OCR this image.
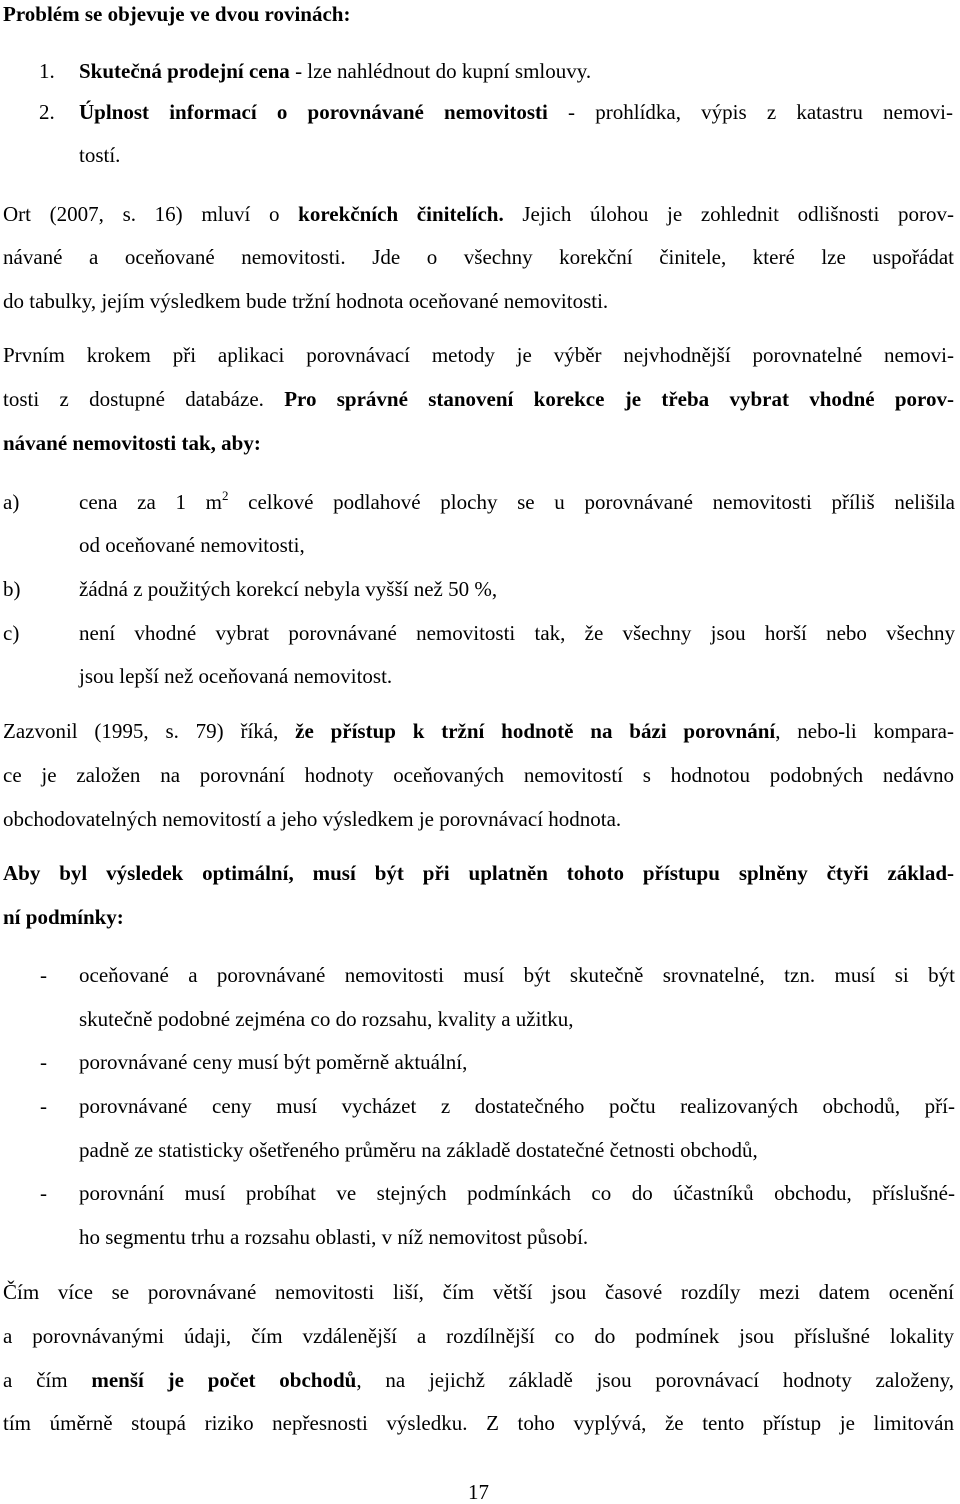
Problém se objevuje ve dvou rovinách:
1. Skutečná prodejní cena - lze nahlédnout do kupní smlouvy.
2. Úplnost informací o porovnávané nemovitosti - prohlídka, výpis z katastru nemovi-
tostí.
Ort (2007, s. 16) mluví o korekčních činitelích. Jejich úlohou je zohlednit odlišnosti porov-
návané a oceňované nemovitosti. Jde o všechny korekční činitele, které lze uspořádat
do tabulky, jejím výsledkem bude tržní hodnota oceňované nemovitosti.
Prvním krokem při aplikaci porovnávací metody je výběr nejvhodnější porovnatelné nemovi-
tosti z dostupné databáze. Pro správné stanovení korekce je třeba vybrat vhodné porov-
návané nemovitosti tak, aby:
a)	cena za 1 $m^2$ celkové podlahové plochy se u porovnávané nemovitosti příliš nelišila
od oceňované nemovitosti,
b)	žádná z použitých korekcí nebyla vyšší než 50 %,
c)	není vhodné vybrat porovnávané nemovitosti tak, že všechny jsou horší nebo všechny
jsou lepší než oceňovaná nemovitost.
Zazvonil (1995, s. 79) říká, že přístup k tržní hodnotě na bázi porovnání, nebo-li kompara-
ce je založen na porovnání hodnoty oceňovaných nemovitostí s hodnotou podobných nedávno
obchodovatelných nemovitostí a jeho výsledkem je porovnávací hodnota.
Aby byl výsledek optimální, musí být při uplatněn tohoto přístupu splněny čtyři základ-
ní podmínky:
- oceňované a porovnávané nemovitosti musí být skutečně srovnatelné, tzn. musí si být
skutečně podobné zejména co do rozsahu, kvality a užitku,
- porovnávané ceny musí být poměrně aktuální,
- porovnávané ceny musí vycházet z dostatečného počtu realizovaných obchodů, pří-
padně ze statisticky ošetřeného průměru na základě dostatečné četnosti obchodů,
- porovnání musí probíhat ve stejných podmínkách co do účastníků obchodu, příslušné-
ho segmentu trhu a rozsahu oblasti, v níž nemovitost působí.
Čím více se porovnávané nemovitosti liší, čím větší jsou časové rozdíly mezi datem ocenění
a porovnávanými údaji, čím vzdálenější a rozdílnější co do podmínek jsou příslušné lokality
a čím menší je počet obchodů, na jejichž základě jsou porovnávací hodnoty založeny,
tím úměrně stoupá riziko nepřesnosti výsledku. Z toho vyplývá, že tento přístup je limitován
17
